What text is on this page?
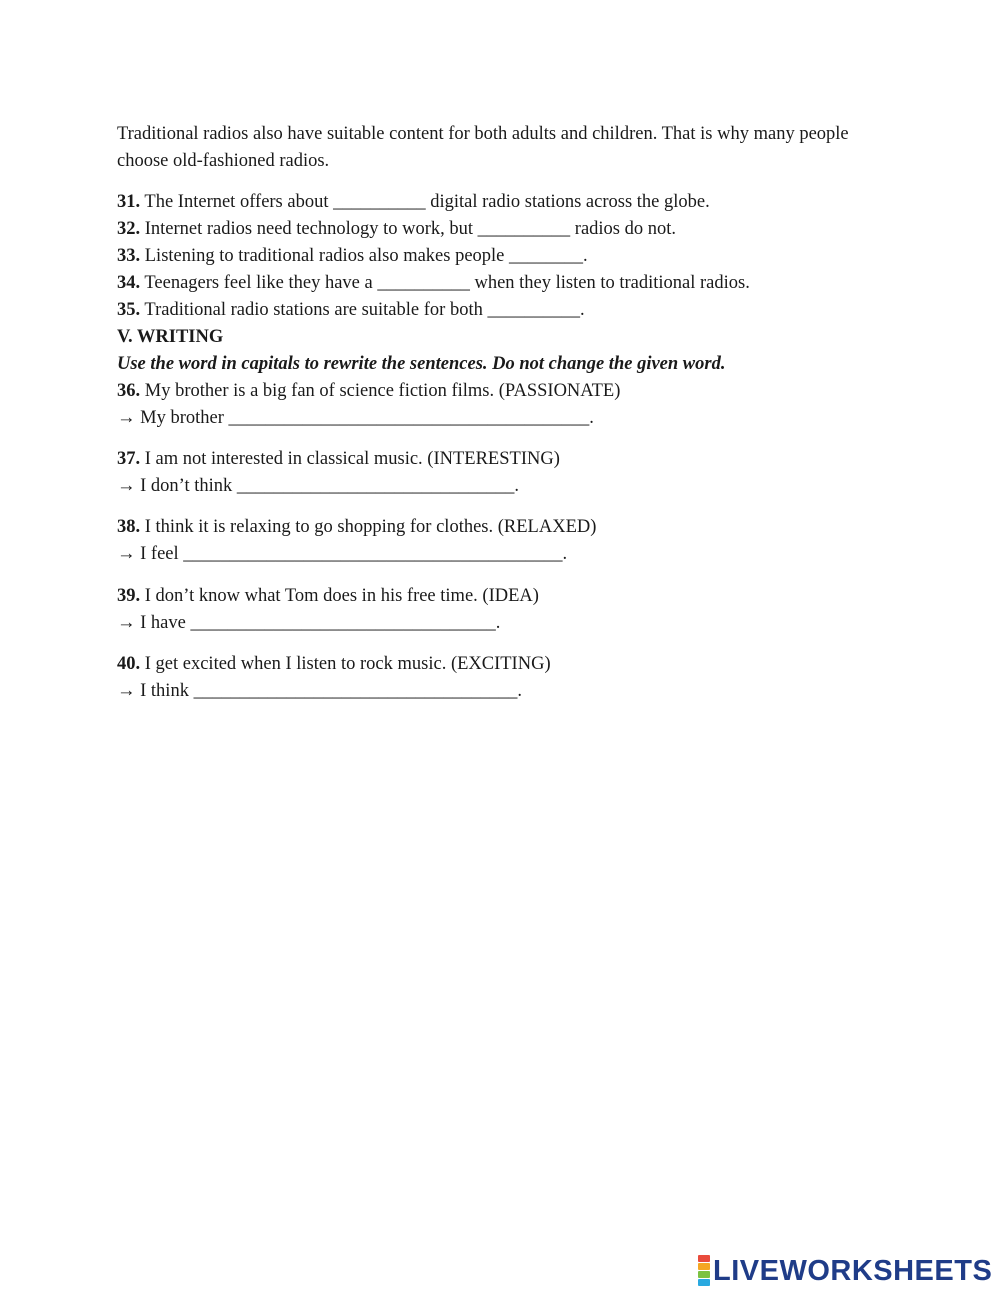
Traditional radios also have suitable content for both adults and children. That is why many people choose old-fashioned radios.
31. The Internet offers about __________ digital radio stations across the globe.
32. Internet radios need technology to work, but __________ radios do not.
33. Listening to traditional radios also makes people ________.
34. Teenagers feel like they have a __________ when they listen to traditional radios.
35. Traditional radio stations are suitable for both __________.
V. WRITING
Use the word in capitals to rewrite the sentences. Do not change the given word.
36. My brother is a big fan of science fiction films. (PASSIONATE)
→ My brother _______________________________________.
37. I am not interested in classical music. (INTERESTING)
→ I don’t think ______________________________.
38. I think it is relaxing to go shopping for clothes. (RELAXED)
→ I feel _________________________________________.
39. I don’t know what Tom does in his free time. (IDEA)
→ I have _________________________________.
40. I get excited when I listen to rock music. (EXCITING)
→ I think ___________________________________.
LIVEWORKSHEETS
